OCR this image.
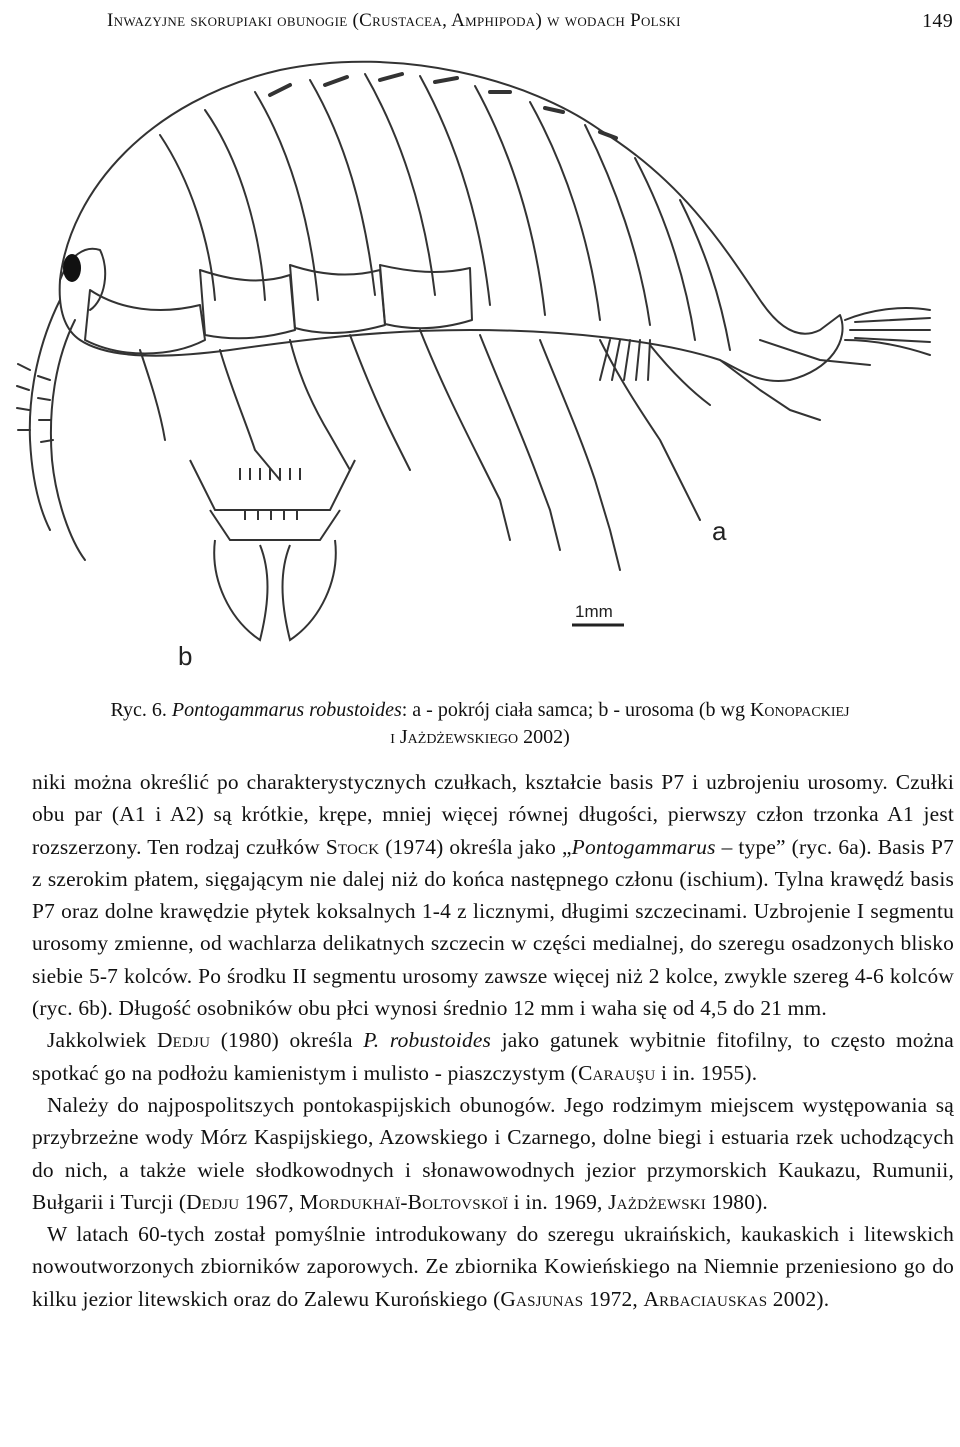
Inwazyjne skorupiaki obunogie (Crustacea, Amphipoda) w wodach Polski	149
1mm
a
b
Ryc. 6. Pontogammarus robustoides: a - pokrój ciała samca; b - urosoma (b wg Konopackiej
i Jażdżewskiego 2002)

niki można określić po charakterystycznych czułkach, kształcie basis P7 i uzbrojeniu urosomy. Czułki obu par (A1 i A2) są krótkie, krępe, mniej więcej równej długości, pierwszy człon trzonka A1 jest rozszerzony. Ten rodzaj czułków Stock (1974) określa jako „Pontogammarus – type” (ryc. 6a). Basis P7 z szerokim płatem, sięgającym nie dalej niż do końca następnego członu (ischium). Tylna krawędź basis P7 oraz dolne krawędzie płytek koksalnych 1-4 z licznymi, długimi szczecinami. Uzbrojenie I segmentu urosomy zmienne, od wachlarza delikatnych szczecin w części medialnej, do szeregu osadzonych blisko siebie 5-7 kolców. Po środku II segmentu urosomy zawsze więcej niż 2 kolce, zwykle szereg 4-6 kolców (ryc. 6b). Długość osobników obu płci wynosi średnio 12 mm i waha się od 4,5 do 21 mm.

Jakkolwiek Dedju (1980) określa P. robustoides jako gatunek wybitnie fitofilny, to często można spotkać go na podłożu kamienistym i mulisto - piaszczystym (Carauşu i in. 1955).

Należy do najpospolitszych pontokaspijskich obunogów. Jego rodzimym miejscem występowania są przybrzeżne wody Mórz Kaspijskiego, Azowskiego i Czarnego, dolne biegi i estuaria rzek uchodzących do nich, a także wiele słodkowodnych i słonawowodnych jezior przymorskich Kaukazu, Rumunii, Bułgarii i Turcji (Dedju 1967, Mordukhaï-Boltovskoï i in. 1969, Jażdżewski 1980).

W latach 60-tych został pomyślnie introdukowany do szeregu ukraińskich, kaukaskich i litewskich nowoutworzonych zbiorników zaporowych. Ze zbiornika Kowieńskiego na Niemnie przeniesiono go do kilku jezior litewskich oraz do Zalewu Kurońskiego (Gasjunas 1972, Arbaciauskas 2002).
